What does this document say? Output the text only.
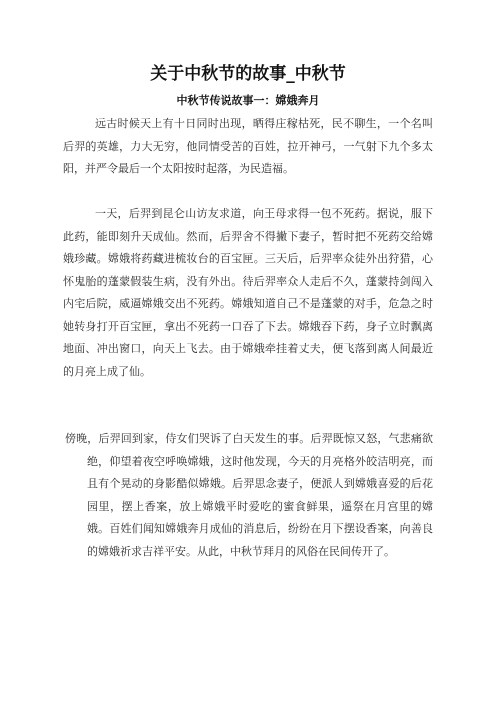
关于中秋节的故事_中秋节
中秋节传说故事一：嫦娥奔月

远古时候天上有十日同时出现，晒得庄稼枯死，民不聊生，一个名叫后羿的英雄，力大无穷，他同情受苦的百姓，拉开神弓，一气射下九个多太阳，并严令最后一个太阳按时起落，为民造福。

一天，后羿到昆仑山访友求道，向王母求得一包不死药。据说，服下此药，能即刻升天成仙。然而，后羿舍不得撇下妻子，暂时把不死药交给嫦娥珍藏。嫦娥将药藏进梳妆台的百宝匣。三天后，后羿率众徒外出狩猎，心怀鬼胎的蓬蒙假装生病，没有外出。待后羿率众人走后不久，蓬蒙持剑闯入内宅后院，威逼嫦娥交出不死药。嫦娥知道自己不是蓬蒙的对手，危急之时她转身打开百宝匣，拿出不死药一口吞了下去。嫦娥吞下药，身子立时飘离地面、冲出窗口，向天上飞去。由于嫦娥牵挂着丈夫，便飞落到离人间最近的月亮上成了仙。

傍晚，后羿回到家，侍女们哭诉了白天发生的事。后羿既惊又怒，气悲痛欲绝，仰望着夜空呼唤嫦娥，这时他发现，今天的月亮格外皎洁明亮，而且有个晃动的身影酷似嫦娥。后羿思念妻子，便派人到嫦娥喜爱的后花园里，摆上香案，放上嫦娥平时爱吃的蜜食鲜果，遥祭在月宫里的嫦娥。百姓们闻知嫦娥奔月成仙的消息后，纷纷在月下摆设香案，向善良的嫦娥祈求吉祥平安。从此，中秋节拜月的风俗在民间传开了。
